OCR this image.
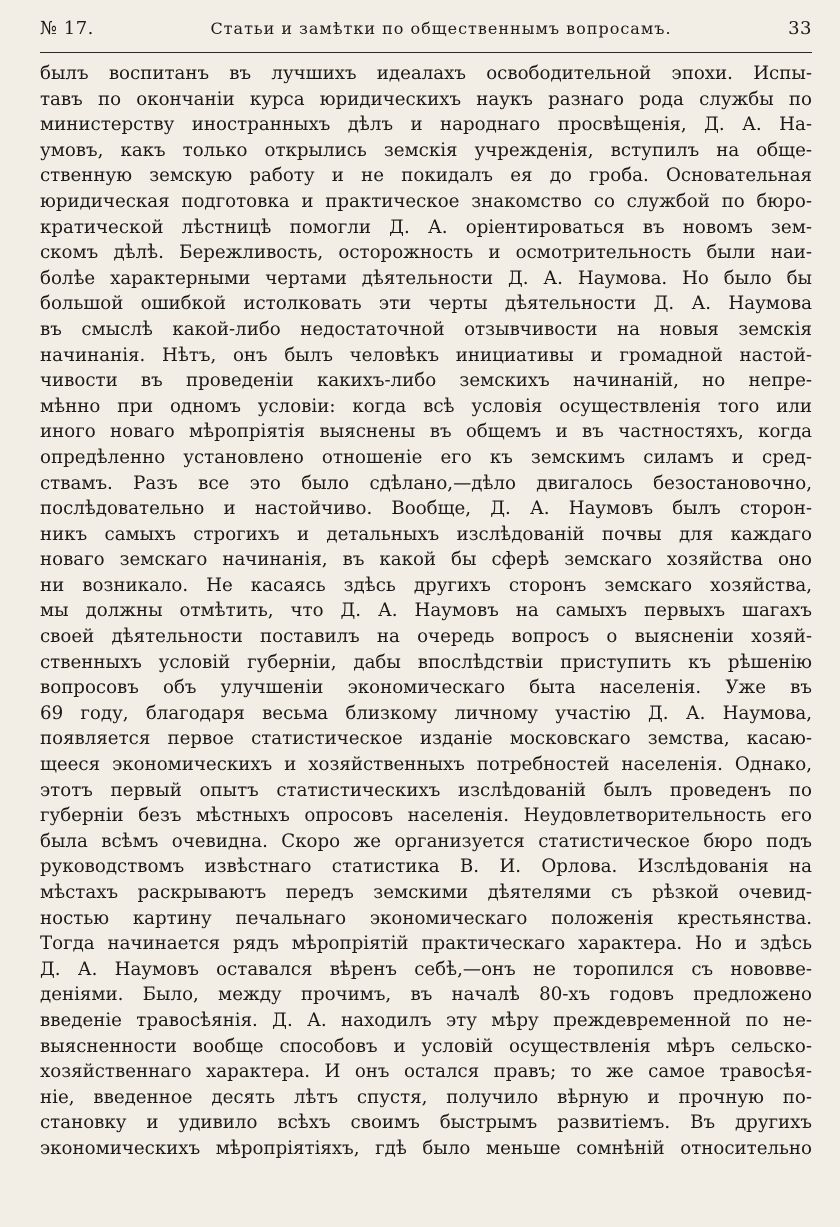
№ 17.	Статьи и замѣтки по общественнымъ вопросамъ.	33
былъ воспитанъ въ лучшихъ идеалахъ освободительной эпохи. Испы-
тавъ по окончанiи курса юридическихъ наукъ разнаго рода службы по
министерству иностранныхъ дѣлъ и народнаго просвѣщенiя, Д. А. На-
умовъ, какъ только открылись земскiя учрежденiя, вступилъ на обще-
ственную земскую работу и не покидалъ ея до гроба. Основательная
юридическая подготовка и практическое знакомство со службой по бюро-
кратической лѣстницѣ помогли Д. А. орiентироваться въ новомъ зем-
скомъ дѣлѣ. Бережливость, осторожность и осмотрительность были наи-
болѣе характерными чертами дѣятельности Д. А. Наумова. Но было бы
большой ошибкой истолковать эти черты дѣятельности Д. А. Наумова
въ смыслѣ какой-либо недостаточной отзывчивости на новыя земскiя
начинанiя. Нѣтъ, онъ былъ человѣкъ инициативы и громадной настой-
чивости въ проведенiи какихъ-либо земскихъ начинанiй, но непре-
мѣнно при одномъ условiи: когда всѣ условiя осуществленiя того или
иного новаго мѣропрiятiя выяснены въ общемъ и въ частностяхъ, когда
опредѣленно установлено отношенiе его къ земскимъ силамъ и сред-
ствамъ. Разъ все это было сдѣлано,—дѣло двигалось безостановочно,
послѣдовательно и настойчиво. Вообще, Д. А. Наумовъ былъ сторон-
никъ самыхъ строгихъ и детальныхъ изслѣдованiй почвы для каждаго
новаго земскаго начинанiя, въ какой бы сферѣ земскаго хозяйства оно
ни возникало. Не касаясь здѣсь другихъ сторонъ земскаго хозяйства,
мы должны отмѣтить, что Д. А. Наумовъ на самыхъ первыхъ шагахъ
своей дѣятельности поставилъ на очередь вопросъ о выясненiи хозяй-
ственныхъ условiй губернiи, дабы впослѣдствiи приступить къ рѣшенiю
вопросовъ объ улучшенiи экономическаго быта населенiя. Уже въ
69 году, благодаря весьма близкому личному участiю Д. А. Наумова,
появляется первое статистическое изданiе московскаго земства, касаю-
щееся экономическихъ и хозяйственныхъ потребностей населенiя. Однако,
этотъ первый опытъ статистическихъ изслѣдованiй былъ проведенъ по
губернiи безъ мѣстныхъ опросовъ населенiя. Неудовлетворительность его
была всѣмъ очевидна. Скоро же организуется статистическое бюро подъ
руководствомъ извѣстнаго статистика В. И. Орлова. Изслѣдованiя на
мѣстахъ раскрываютъ передъ земскими дѣятелями съ рѣзкой очевид-
ностью картину печальнаго экономическаго положенiя крестьянства.
Тогда начинается рядъ мѣропрiятiй практическаго характера. Но и здѣсь
Д. А. Наумовъ оставался вѣренъ себѣ,—онъ не торопился съ нововве-
денiями. Было, между прочимъ, въ началѣ 80-хъ годовъ предложено
введенiе травосѣянiя. Д. А. находилъ эту мѣру преждевременной по не-
выясненности вообще способовъ и условiй осуществленiя мѣръ сельско-
хозяйственнаго характера. И онъ остался правъ; то же самое травосѣя-
нiе, введенное десять лѣтъ спустя, получило вѣрную и прочную по-
становку и удивило всѣхъ своимъ быстрымъ развитiемъ. Въ другихъ
экономическихъ мѣропрiятiяхъ, гдѣ было меньше сомнѣнiй относительно
